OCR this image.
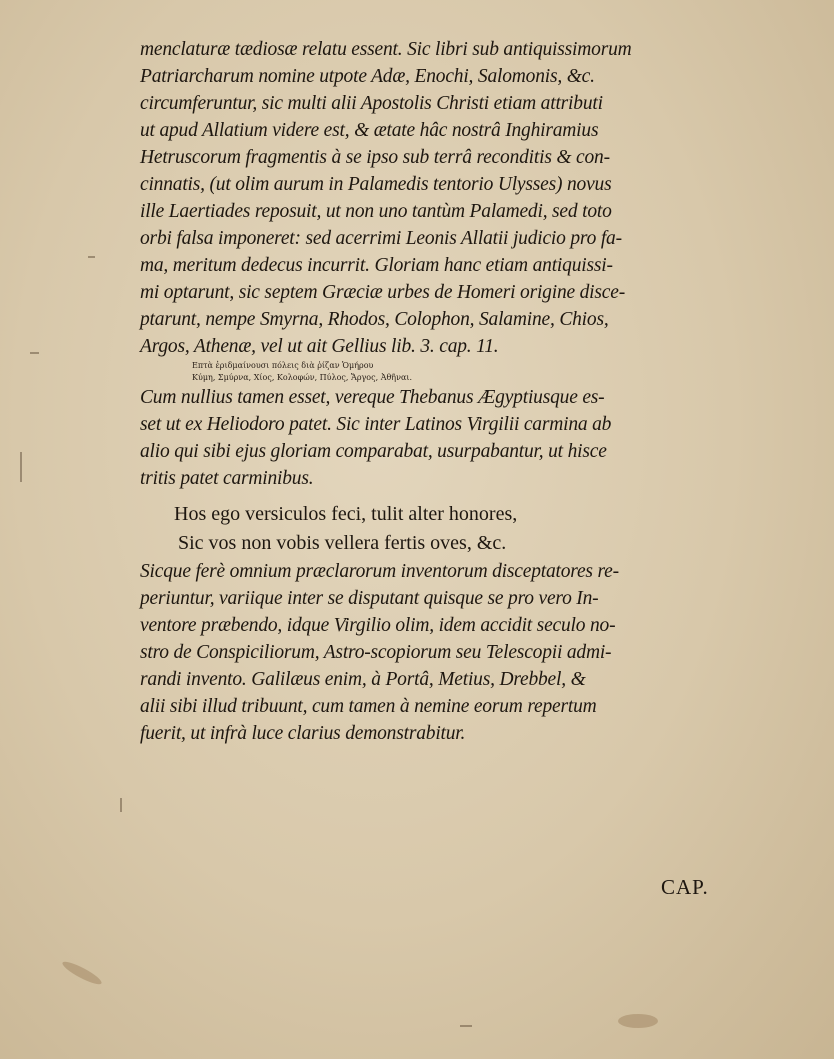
menclaturæ tædiosæ relatu essent. Sic libri sub antiquissimorum
Patriarcharum nomine utpote Adæ, Enochi, Salomonis, &c.
circumferuntur, sic multi alii Apostolis Christi etiam attributi
ut apud Allatium videre est, & ætate hâc nostrâ Inghiramius
Hetruscorum fragmentis à se ipso sub terrâ reconditis & con-
cinnatis, (ut olim aurum in Palamedis tentorio Ulysses) novus
ille Laertiades reposuit, ut non uno tantùm Palamedi, sed toto
orbi falsa imponeret: sed acerrimi Leonis Allatii judicio pro fa-
ma, meritum dedecus incurrit. Gloriam hanc etiam antiquissi-
mi optarunt, sic septem Græciæ urbes de Homeri origine disce-
ptarunt, nempe Smyrna, Rhodos, Colophon, Salamine, Chios,
Argos, Athenæ, vel ut ait Gellius lib. 3. cap. 11.
Επτὰ ἐριδμαίνουσι πόλεις διὰ ῥίζαν Ὁμήρου
Κύμη, Σμύρνα, Χίος, Κολοφών, Πύλος, Ἄργος, Ἀθῆναι.
Cum nullius tamen esset, vereque Thebanus Ægyptiusque es-
set ut ex Heliodoro patet. Sic inter Latinos Virgilii carmina ab
alio qui sibi ejus gloriam comparabat, usurpabantur, ut hisce
tritis patet carminibus.
Hos ego versiculos feci, tulit alter honores,
Sic vos non vobis vellera fertis oves, &c.
Sicque ferè omnium præclarorum inventorum disceptatores re-
periuntur, variique inter se disputant quisque se pro vero In-
ventore præbendo, idque Virgilio olim, idem accidit seculo no-
stro de Conspiciliorum, Astro-scopiorum seu Telescopii admi-
randi invento. Galilæus enim, à Portâ, Metius, Drebbel, &
alii sibi illud tribuunt, cum tamen à nemine eorum repertum
fuerit, ut infrà luce clarius demonstrabitur.
CAP.
